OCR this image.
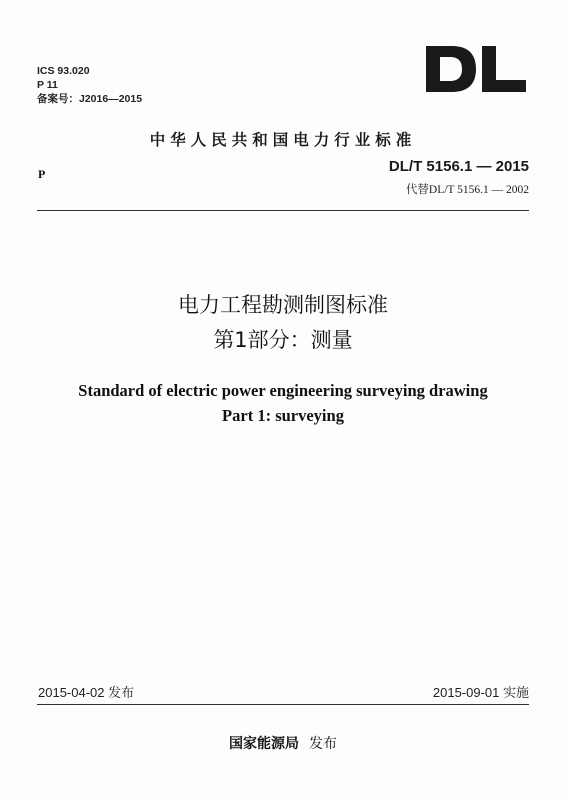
ICS 93.020
P 11
备案号：J2016—2015
中华人民共和国电力行业标准
P	DL/T 5156.1 — 2015
代替DL/T 5156.1 — 2002
电力工程勘测制图标准
第1部分：测量
Standard of electric power engineering surveying drawing
Part 1: surveying
2015-04-02 发布	2015-09-01 实施
国家能源局 发布
